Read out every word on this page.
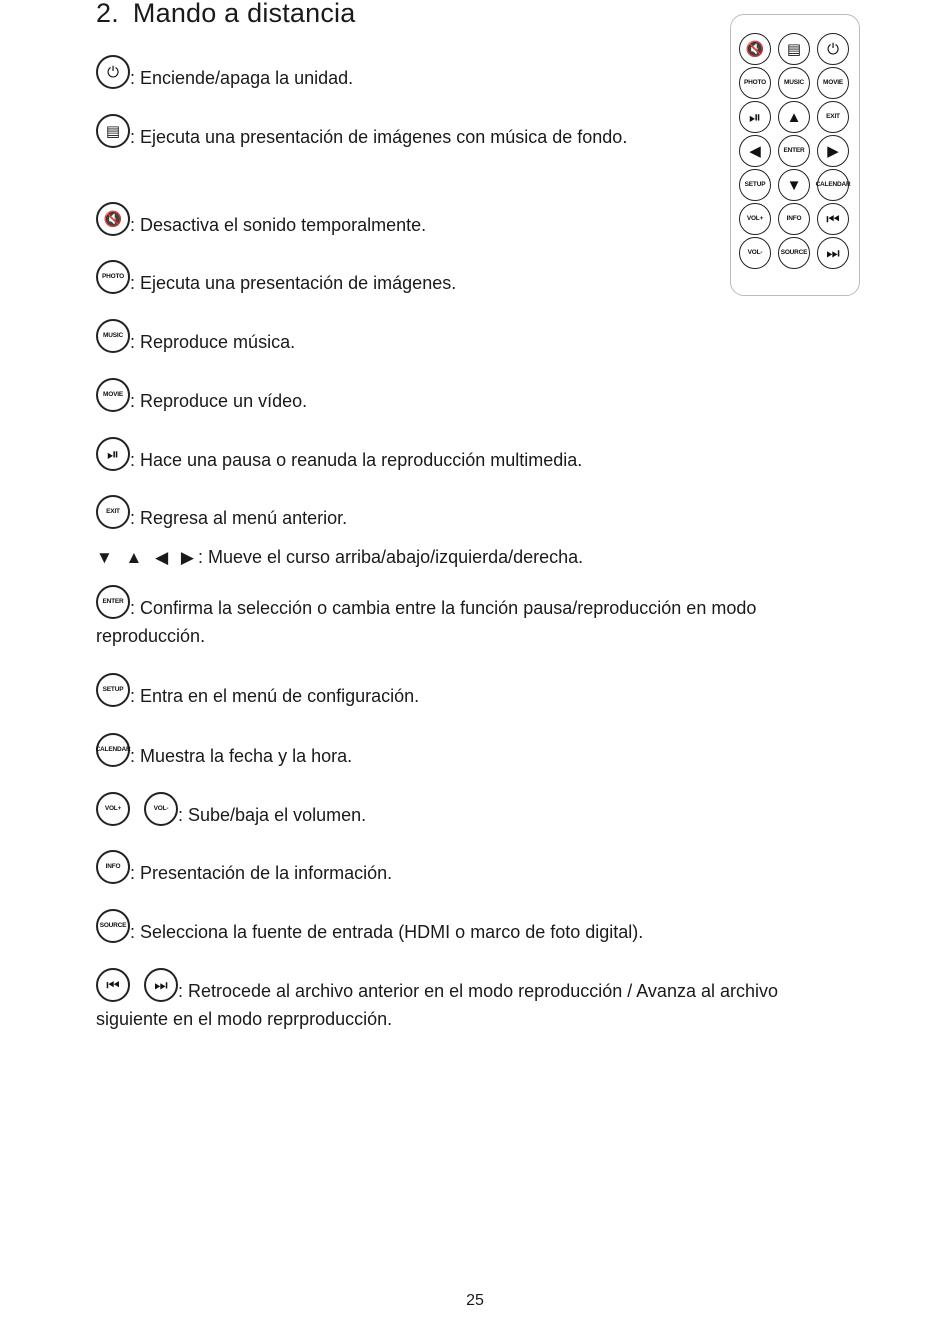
2. Mando a distancia
🔇	▤	⏻
PHOTO	MUSIC	MOVIE
⏯	▲	EXIT
◀	ENTER	▶
SETUP	▼	CALEN DAR
VOL+	INFO	⏮
VOL-	SOURCE	⏭
⏻ : Enciende/apaga la unidad.
▤ : Ejecuta una presentación de imágenes con música de fondo.
🔇 : Desactiva el sonido temporalmente.
PHOTO : Ejecuta una presentación de imágenes.
MUSIC : Reproduce música.
MOVIE : Reproduce un vídeo.
⏯ : Hace una pausa o reanuda la reproducción multimedia.
EXIT : Regresa al menú anterior.
▼ ▲ ◀ ▶: Mueve el curso arriba/abajo/izquierda/derecha.
ENTER : Confirma la selección o cambia entre la función pausa/reproducción en modo
reproducción.
SETUP : Entra en el menú de configuración.
CALEN DAR : Muestra la fecha y la hora.
VOL+	VOL- : Sube/baja el volumen.
INFO : Presentación de la información.
SOURCE : Selecciona la fuente de entrada (HDMI o marco de foto digital).
⏮ ⏭ : Retrocede al archivo anterior en el modo reproducción / Avanza al archivo
siguiente en el modo reprproducción.
25
